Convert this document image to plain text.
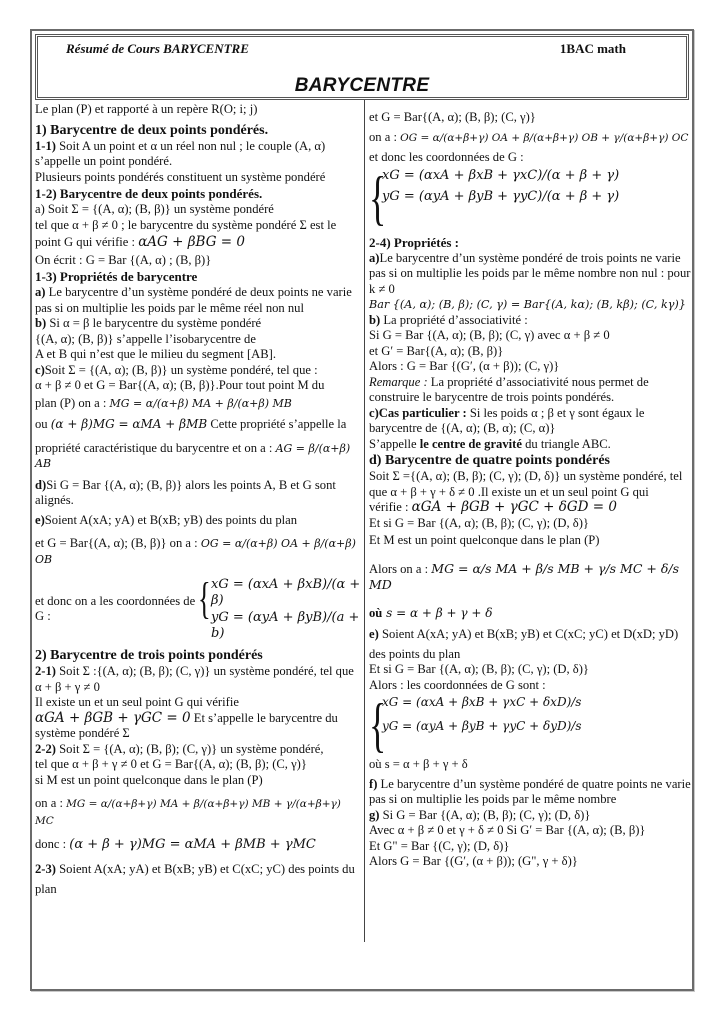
Résumé de Cours BARYCENTRE	1BAC math
BARYCENTRE

Le plan (P) et rapporté à un repère R(O; i; j)

1) Barycentre de deux points pondérés.

1-1) Soit A un point et α un réel non nul ; le couple (A, α) s’appelle un point pondéré.

Plusieurs points pondérés constituent un système pondéré

1-2) Barycentre de deux points pondérés.

a) Soit Σ = {(A, α); (B, β)} un système pondéré

tel que α + β ≠ 0 ; le barycentre du système pondéré Σ est le

point G qui vérifie : αAG + βBG = 0

On écrit : G = Bar {(A, α) ; (B, β)}

1-3) Propriétés de barycentre

a) Le barycentre d’un système pondéré de deux points ne varie pas si on multiplie les poids par le même réel non nul

b) Si α = β le barycentre du système pondéré

{(A, α); (B, β)} s’appelle l’isobarycentre de

A et B qui n’est que le milieu du segment [AB].

c)Soit Σ = {(A, α); (B, β)} un système pondéré, tel que :

α + β ≠ 0 et G = Bar{(A, α); (B, β)}.Pour tout point M du

plan (P) on a : MG = α/(α+β) MA + β/(α+β) MB

ou (α + β)MG = αMA + βMB Cette propriété s’appelle la

propriété caractéristique du barycentre et on a : AG = β/(α+β) AB

d)Si G = Bar {(A, α); (B, β)} alors les points A, B et G sont alignés.

e)Soient A(xA; yA) et B(xB; yB) des points du plan

et G = Bar{(A, α); (B, β)} on a : OG = α/(α+β) OA + β/(α+β) OB

et donc on a les coordonnées de G :	{ xG = (αxA + βxB)/(α + β)
yG = (αyA + βyB)/(a + b)

2) Barycentre de trois points pondérés

2-1) Soit Σ :{(A, α); (B, β); (C, γ)} un système pondéré, tel que α + β + γ ≠ 0

Il existe un et un seul point G qui vérifie

αGA + βGB + γGC = 0 Et s’appelle le barycentre du système pondéré Σ

2-2) Soit Σ = {(A, α); (B, β); (C, γ)} un système pondéré,

tel que α + β + γ ≠ 0 et G = Bar{(A, α); (B, β); (C, γ)}

si M est un point quelconque dans le plan (P)

on a : MG = α/(α+β+γ) MA + β/(α+β+γ) MB + γ/(α+β+γ) MC

donc : (α + β + γ)MG = αMA + βMB + γMC

2-3) Soient A(xA; yA) et B(xB; yB) et C(xC; yC) des points du plan

et G = Bar{(A, α); (B, β); (C, γ)}

on a : OG = α/(α+β+γ) OA + β/(α+β+γ) OB + γ/(α+β+γ) OC

et donc les coordonnées de G :

{
xG = (αxA + βxB + γxC)/(α + β + γ)
yG = (αyA + βyB + γyC)/(α + β + γ)

2-4) Propriétés :

a)Le barycentre d’un système pondéré de trois points ne varie pas si on multiplie les poids par le même nombre non nul : pour k ≠ 0

Bar {(A, α); (B, β); (C, γ) = Bar{(A, kα); (B, kβ); (C, kγ)}

b) La propriété d’associativité :

Si G = Bar {(A, α); (B, β); (C, γ) avec α + β ≠ 0

et G′ = Bar{(A, α); (B, β)}

Alors : G = Bar {(G′, (α + β)); (C, γ)}

Remarque : La propriété d’associativité nous permet de construire le barycentre de trois points pondérés.

c)Cas particulier : Si les poids α ; β et γ sont égaux le barycentre de {(A, α); (B, α); (C, α)}

S’appelle le centre de gravité du triangle ABC.

d) Barycentre de quatre points pondérés

Soit Σ ={(A, α); (B, β); (C, γ); (D, δ)} un système pondéré, tel que α + β + γ + δ ≠ 0 .Il existe un et un seul point G qui

vérifie : αGA + βGB + γGC + δGD = 0

Et si G = Bar {(A, α); (B, β); (C, γ); (D, δ)}

Et M est un point quelconque dans le plan (P)

Alors on a : MG = α/s MA + β/s MB + γ/s MC + δ/s MD

où s = α + β + γ + δ

e) Soient A(xA; yA) et B(xB; yB) et C(xC; yC) et D(xD; yD)

des points du plan

Et si G = Bar {(A, α); (B, β); (C, γ); (D, δ)}

Alors : les coordonnées de G sont :

{
xG = (αxA + βxB + γxC + δxD)/s
yG = (αyA + βyB + γyC + δyD)/s

où s = α + β + γ + δ

f) Le barycentre d’un système pondéré de quatre points ne varie pas si on multiplie les poids par le même nombre

g) Si G = Bar {(A, α); (B, β); (C, γ); (D, δ)}

Avec α + β ≠ 0 et γ + δ ≠ 0 Si G′ = Bar {(A, α); (B, β)}

Et G" = Bar {(C, γ); (D, δ)}

Alors G = Bar {(G′, (α + β)); (G", γ + δ)}
